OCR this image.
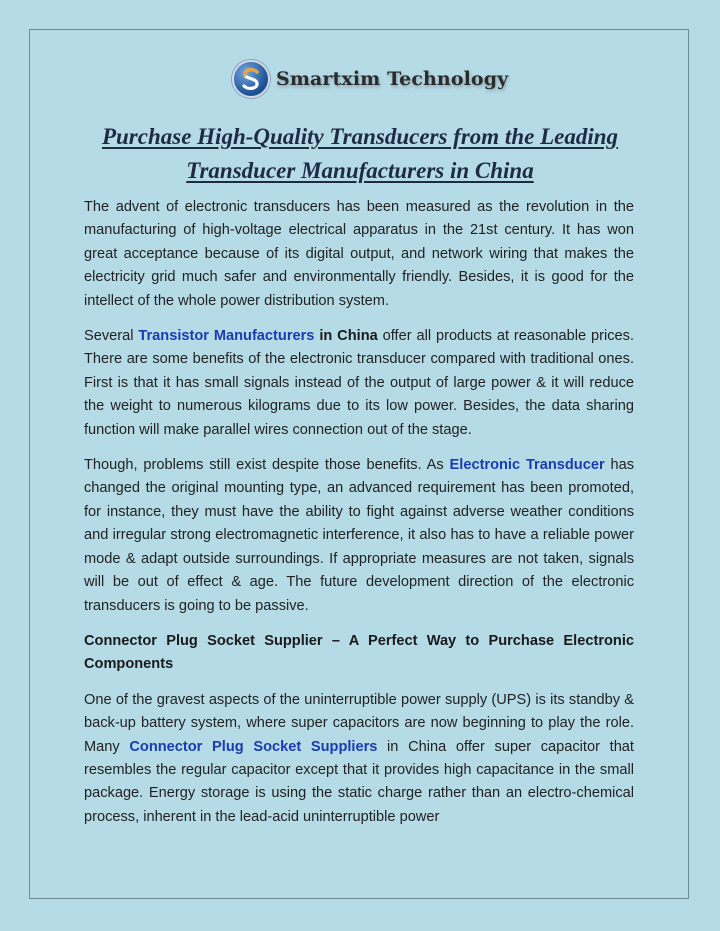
Smartxim Technology
Purchase High-Quality Transducers from the Leading Transducer Manufacturers in China

The advent of electronic transducers has been measured as the revolution in the manufacturing of high-voltage electrical apparatus in the 21st century. It has won great acceptance because of its digital output, and network wiring that makes the electricity grid much safer and environmentally friendly. Besides, it is good for the intellect of the whole power distribution system.

Several Transistor Manufacturers in China offer all products at reasonable prices. There are some benefits of the electronic transducer compared with traditional ones. First is that it has small signals instead of the output of large power & it will reduce the weight to numerous kilograms due to its low power. Besides, the data sharing function will make parallel wires connection out of the stage.

Though, problems still exist despite those benefits. As Electronic Transducer has changed the original mounting type, an advanced requirement has been promoted, for instance, they must have the ability to fight against adverse weather conditions and irregular strong electromagnetic interference, it also has to have a reliable power mode & adapt outside surroundings. If appropriate measures are not taken, signals will be out of effect & age. The future development direction of the electronic transducers is going to be passive.

Connector Plug Socket Supplier – A Perfect Way to Purchase Electronic Components

One of the gravest aspects of the uninterruptible power supply (UPS) is its standby & back-up battery system, where super capacitors are now beginning to play the role. Many Connector Plug Socket Suppliers in China offer super capacitor that resembles the regular capacitor except that it provides high capacitance in the small package. Energy storage is using the static charge rather than an electro-chemical process, inherent in the lead-acid uninterruptible power
